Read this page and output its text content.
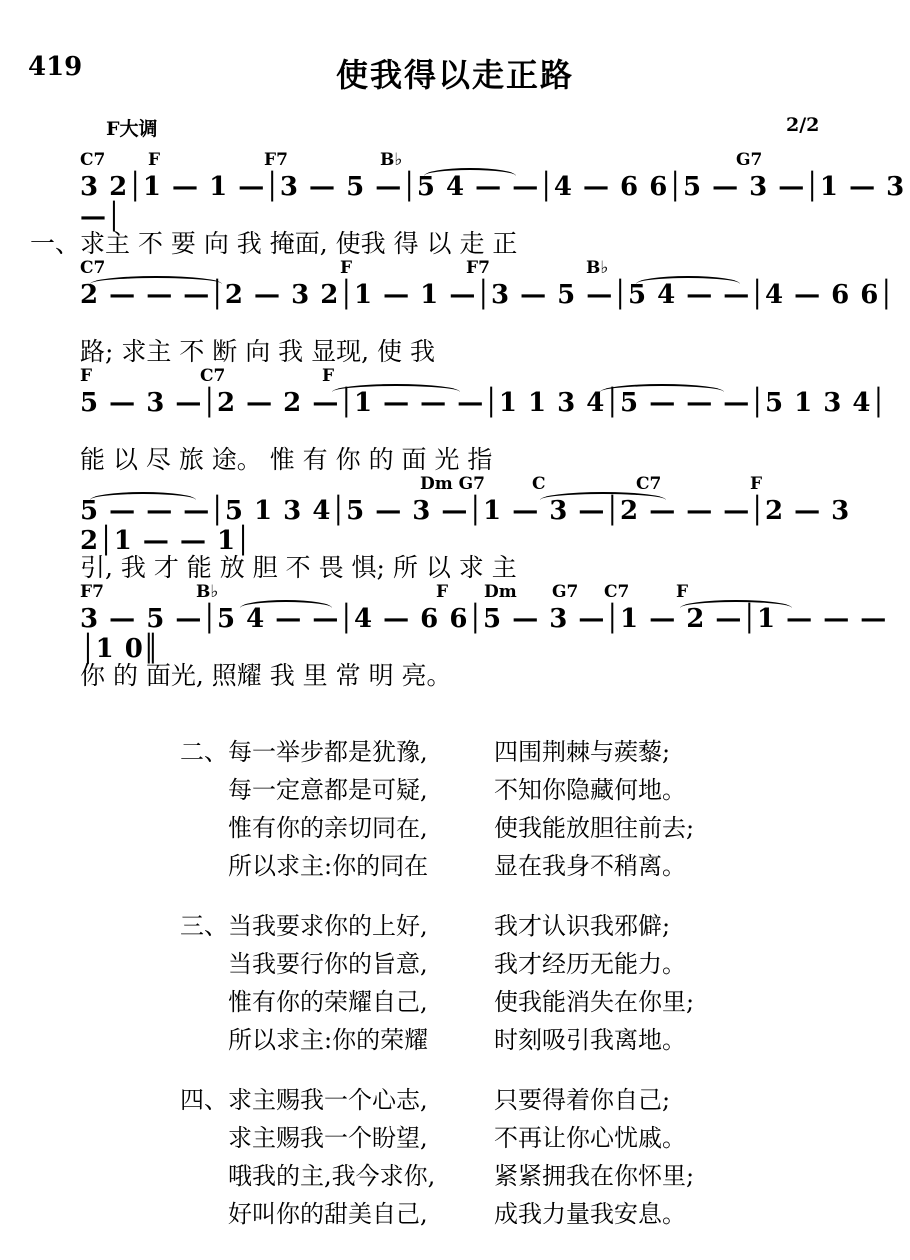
419	使我得以走正路
F大调	2/2
C7	F	F7	B♭	G7
3 2│1 — 1 —│3 — 5 —│5 4 — —│4 — 6 6│5 — 3 —│1 — 3 —│
一、求主 不 要 向 我 掩面, 使我 得 以 走 正
C7	F	F7	B♭
2 — — —│2 — 3 2│1 — 1 —│3 — 5 —│5 4 — —│4 — 6 6│
路; 求主 不 断 向 我 显现, 使 我
F	C7	F
5 — 3 —│2 — 2 —│1 — — —│1 1 3 4│5 — — —│5 1 3 4│
能 以 尽 旅 途。 惟 有 你 的 面 光 指
Dm G7	C	C7	F
5 — — —│5 1 3 4│5 — 3 —│1 — 3 —│2 — — —│2 — 3 2│1 — — 1│
引, 我 才 能 放 胆 不 畏 惧; 所 以 求 主
F7	B♭	F Dm G7 C7	F
3 — 5 —│5 4 — —│4 — 6 6│5 — 3 —│1 — 2 —│1 — — —│1 0║
你 的 面光, 照耀 我 里 常 明 亮。
二、每一举步都是犹豫,	四围荆棘与蒺藜;
每一定意都是可疑,	不知你隐藏何地。
惟有你的亲切同在,	使我能放胆往前去;
所以求主:你的同在	显在我身不稍离。
三、当我要求你的上好,	我才认识我邪僻;
当我要行你的旨意,	我才经历无能力。
惟有你的荣耀自己,	使我能消失在你里;
所以求主:你的荣耀	时刻吸引我离地。
四、求主赐我一个心志,	只要得着你自己;
求主赐我一个盼望,	不再让你心忧戚。
哦我的主,我今求你, 紧紧拥我在你怀里;
好叫你的甜美自己,	成我力量我安息。
